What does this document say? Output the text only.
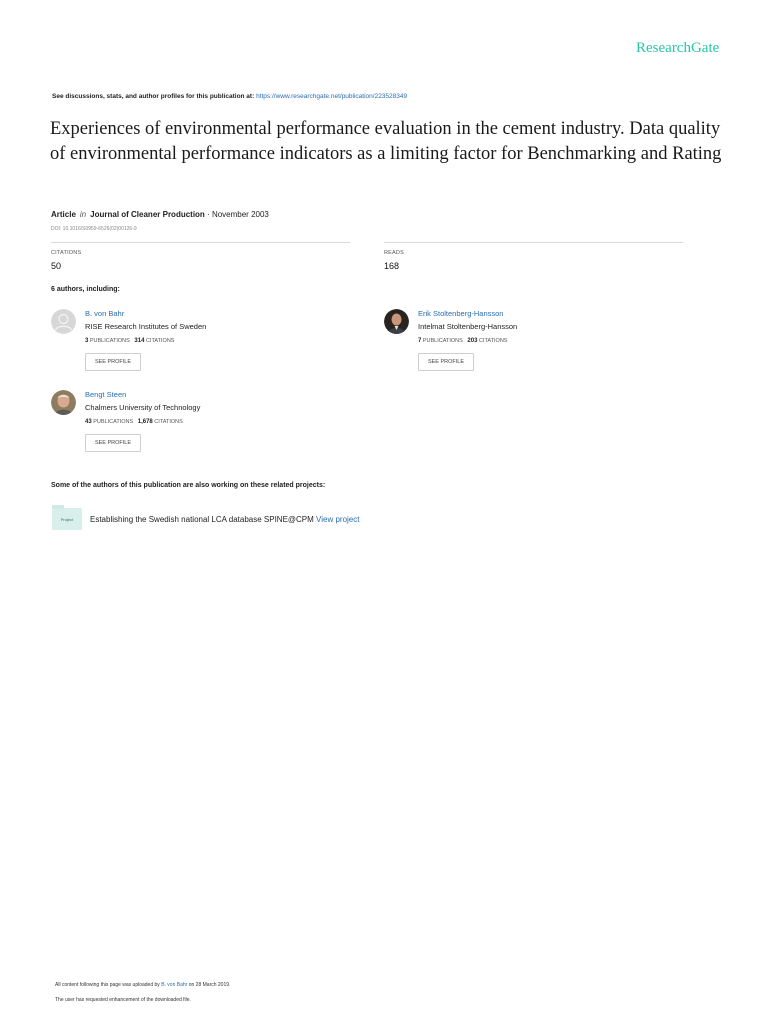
ResearchGate
See discussions, stats, and author profiles for this publication at: https://www.researchgate.net/publication/223528349
Experiences of environmental performance evaluation in the cement industry. Data quality of environmental performance indicators as a limiting factor for Benchmarking and Rating
Article in Journal of Cleaner Production · November 2003
DOI: 10.1016/S0959-6526(02)00126-9
CITATIONS
50
READS
168
6 authors, including:
B. von Bahr
RISE Research Institutes of Sweden
3 PUBLICATIONS 314 CITATIONS
SEE PROFILE
Erik Stoltenberg-Hansson
Intelmat Stoltenberg-Hansson
7 PUBLICATIONS 203 CITATIONS
SEE PROFILE
Bengt Steen
Chalmers University of Technology
43 PUBLICATIONS 1,678 CITATIONS
SEE PROFILE
Some of the authors of this publication are also working on these related projects:
Project Establishing the Swedish national LCA database SPINE@CPM View project
All content following this page was uploaded by B. von Bahr on 28 March 2019.
The user has requested enhancement of the downloaded file.
